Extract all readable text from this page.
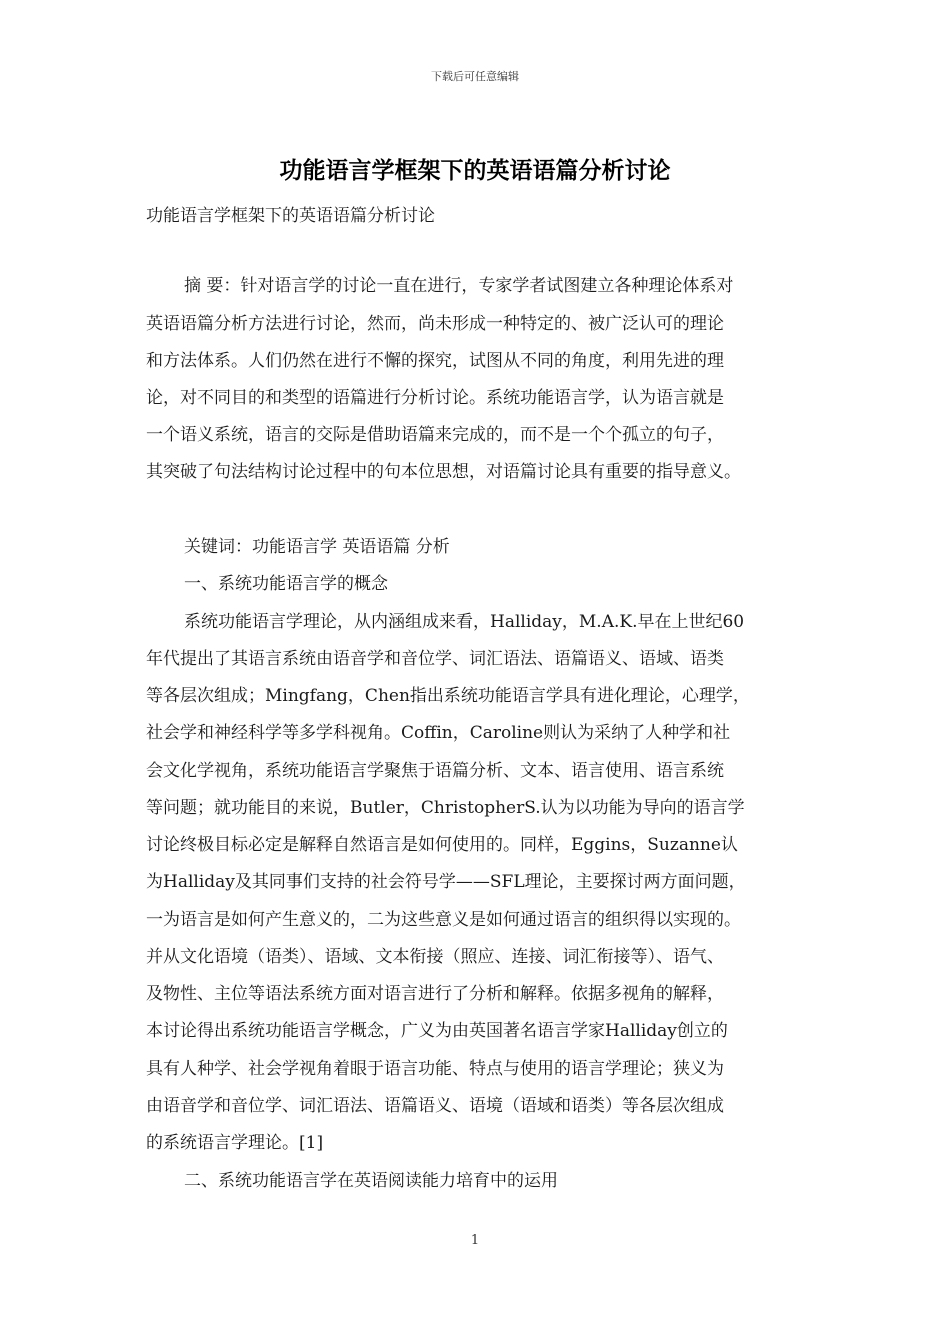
下载后可任意编辑
功能语言学框架下的英语语篇分析讨论

功能语言学框架下的英语语篇分析讨论

摘 要：针对语言学的讨论一直在进行，专家学者试图建立各种理论体系对

英语语篇分析方法进行讨论，然而，尚未形成一种特定的、被广泛认可的理论

和方法体系。人们仍然在进行不懈的探究，试图从不同的角度，利用先进的理

论，对不同目的和类型的语篇进行分析讨论。系统功能语言学，认为语言就是

一个语义系统，语言的交际是借助语篇来完成的，而不是一个个孤立的句子，

其突破了句法结构讨论过程中的句本位思想，对语篇讨论具有重要的指导意义。

关键词：功能语言学 英语语篇 分析

一、系统功能语言学的概念

系统功能语言学理论，从内涵组成来看，Halliday，M.A.K.早在上世纪60

年代提出了其语言系统由语音学和音位学、词汇语法、语篇语义、语域、语类

等各层次组成；Mingfang，Chen指出系统功能语言学具有进化理论，心理学，

社会学和神经科学等多学科视角。Coffin，Caroline则认为采纳了人种学和社

会文化学视角，系统功能语言学聚焦于语篇分析、文本、语言使用、语言系统

等问题；就功能目的来说，Butler，ChristopherS.认为以功能为导向的语言学

讨论终极目标必定是解释自然语言是如何使用的。同样，Eggins，Suzanne认

为Halliday及其同事们支持的社会符号学——SFL理论，主要探讨两方面问题，

一为语言是如何产生意义的，二为这些意义是如何通过语言的组织得以实现的。

并从文化语境（语类）、语域、文本衔接（照应、连接、词汇衔接等）、语气、

及物性、主位等语法系统方面对语言进行了分析和解释。依据多视角的解释，

本讨论得出系统功能语言学概念，广义为由英国著名语言学家Halliday创立的

具有人种学、社会学视角着眼于语言功能、特点与使用的语言学理论；狭义为

由语音学和音位学、词汇语法、语篇语义、语境（语域和语类）等各层次组成

的系统语言学理论。[1]

二、系统功能语言学在英语阅读能力培育中的运用

1
